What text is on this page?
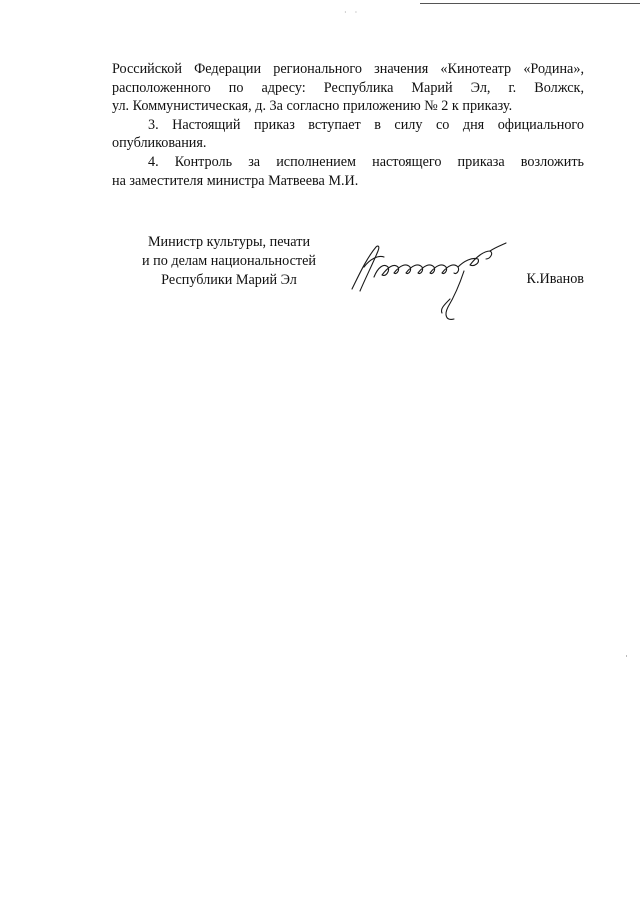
· ·

Российской Федерации регионального значения «Кинотеатр «Родина»,
расположенного по адресу: Республика Марий Эл, г. Волжск,
ул. Коммунистическая, д. 3а согласно приложению № 2 к приказу.

3. Настоящий приказ вступает в силу со дня официального
опубликования.

4. Контроль за исполнением настоящего приказа возложить
на заместителя министра Матвеева М.И.

Министр культуры, печати
и по делам национальностей
Республики Марий Эл	К.Иванов
